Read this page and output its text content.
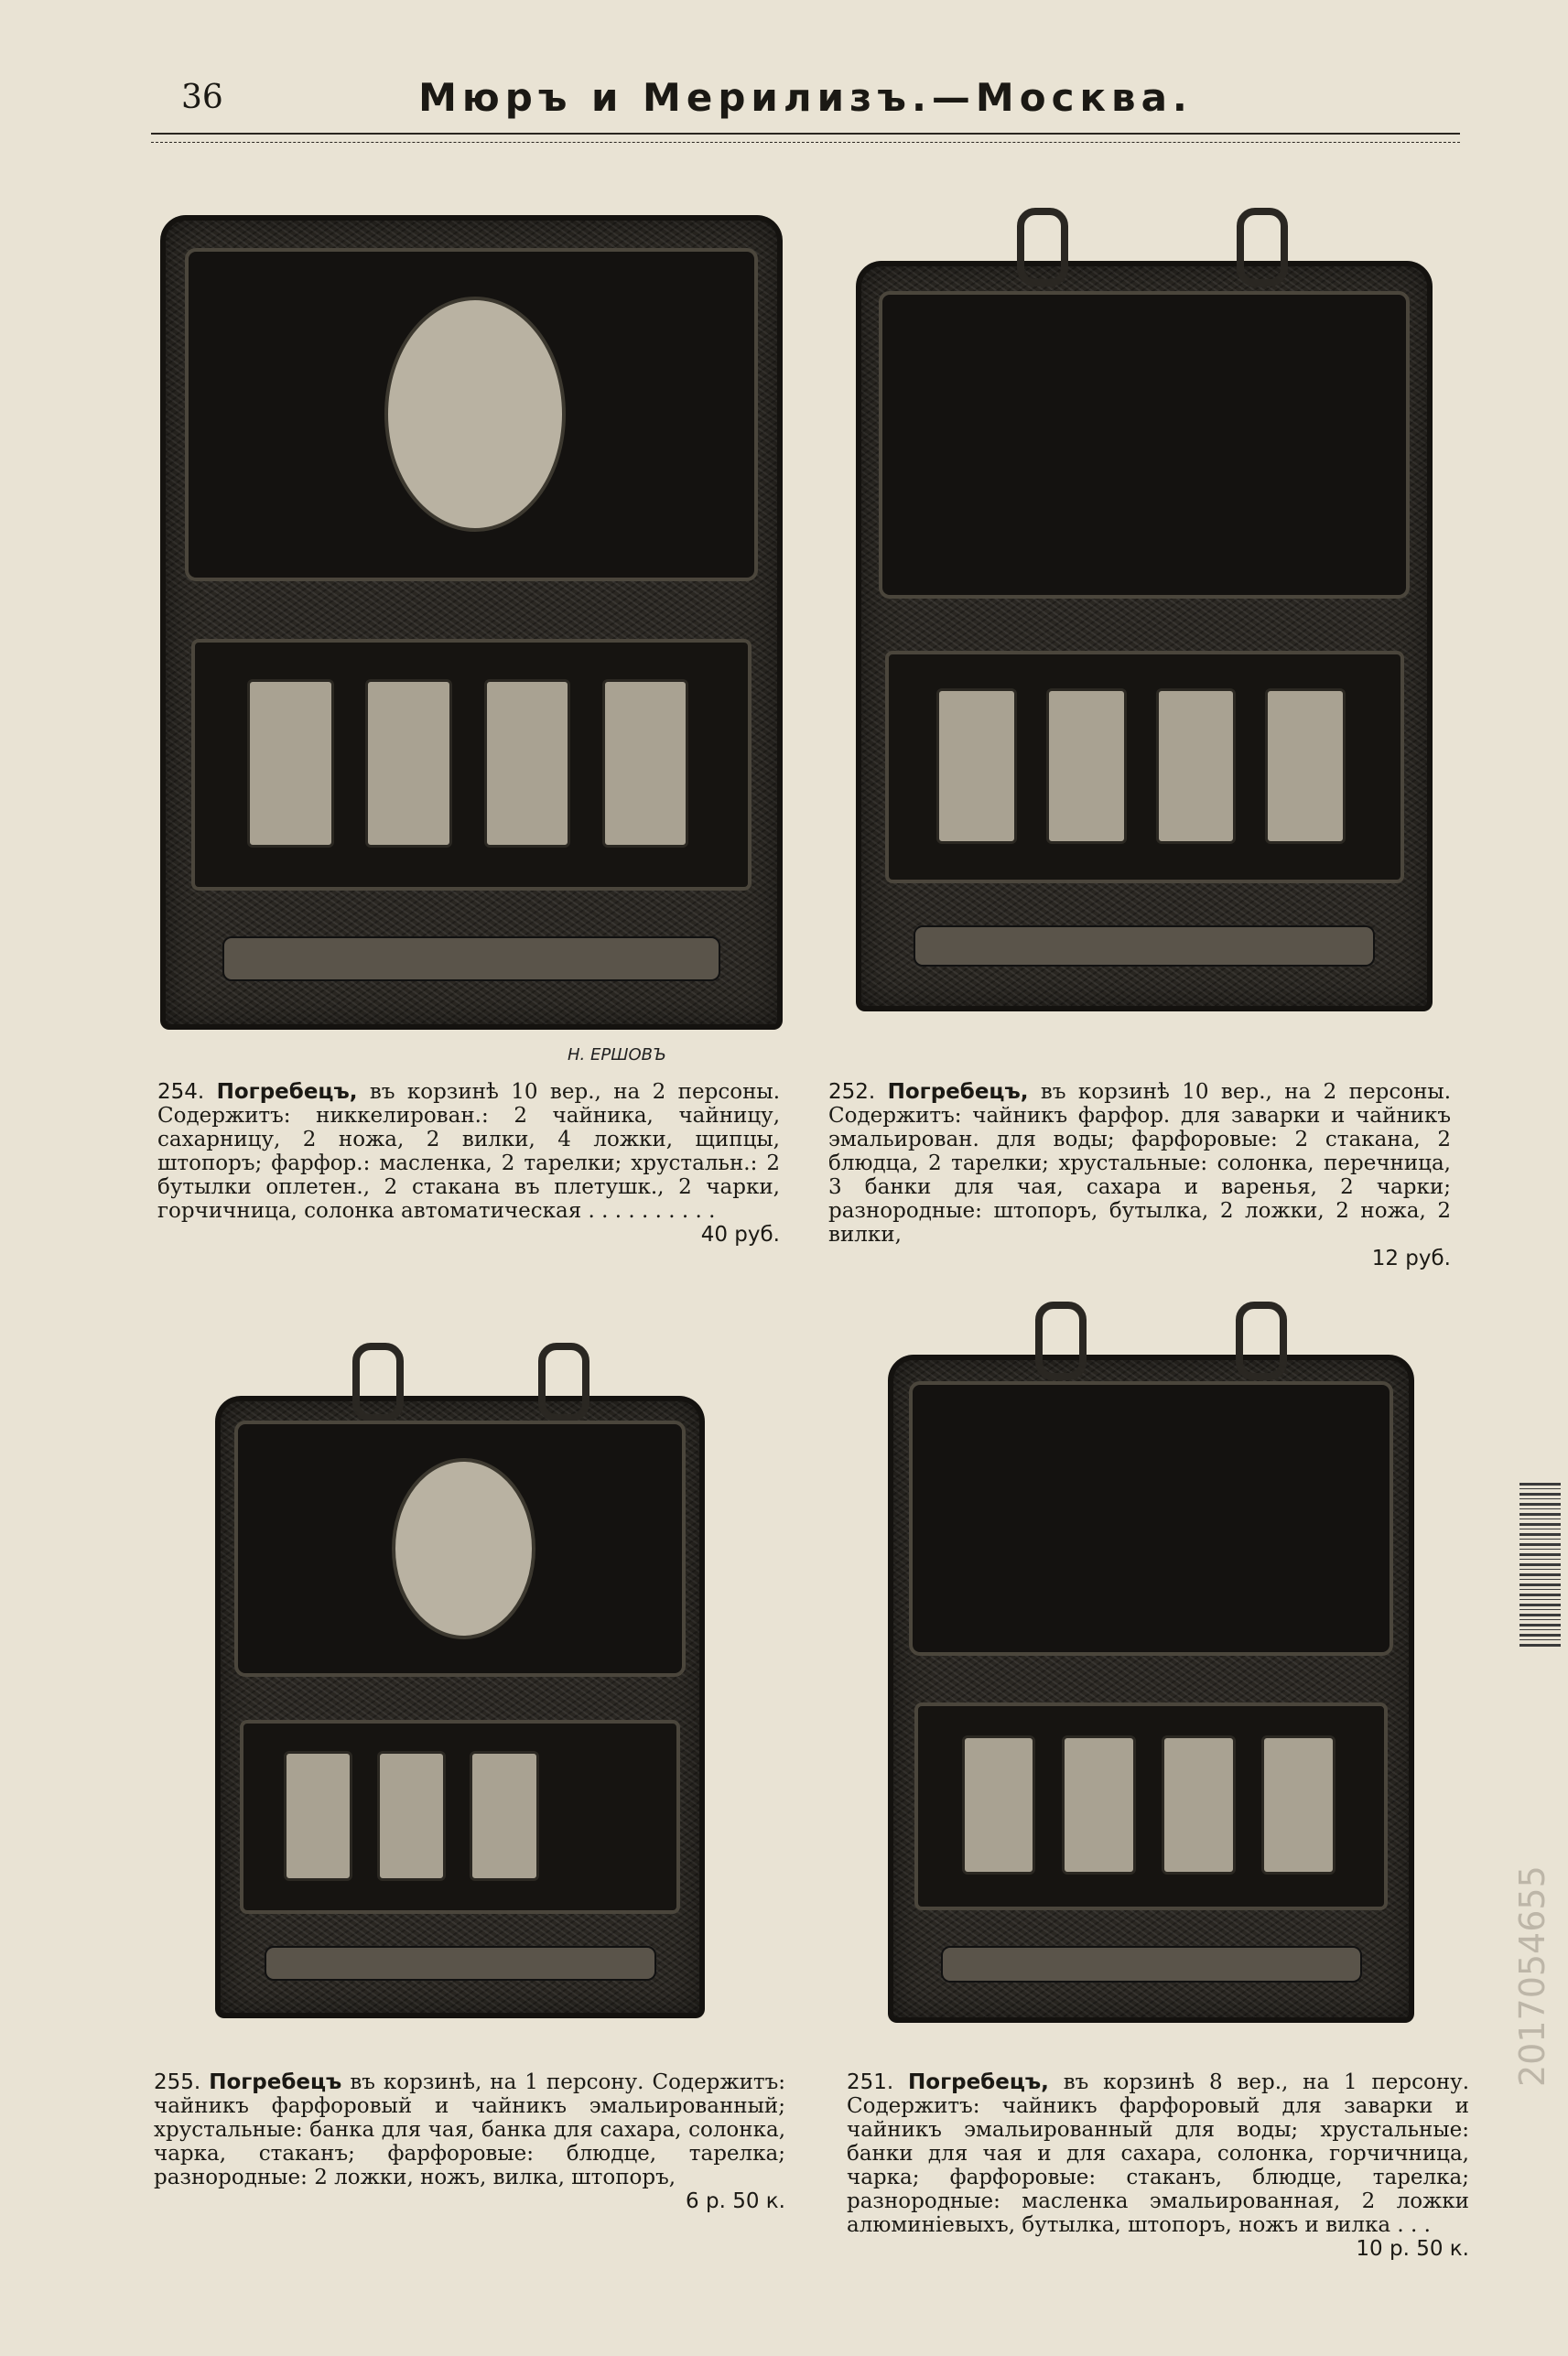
36	Мюръ и Мерилизъ.—Москва.
Н. ЕРШОВЪ
254. Погребецъ, въ корзинѣ 10 вер., на 2 персоны. Содержитъ: никкелирован.: 2 чайника, чайницу, сахарницу, 2 ножа, 2 вилки, 4 ложки, щипцы, штопоръ; фарфор.: масленка, 2 тарелки; хрустальн.: 2 бутылки оплетен., 2 стакана въ плетушк., 2 чарки, горчичница, солонка автоматическая . . . . . . . . . .
40 руб.
252. Погребецъ, въ корзинѣ 10 вер., на 2 персоны. Содержитъ: чайникъ фарфор. для заварки и чайникъ эмальирован. для воды; фарфоровые: 2 стакана, 2 блюдца, 2 тарелки; хрустальные: солонка, перечница, 3 банки для чая, сахара и варенья, 2 чарки; разнородные: штопоръ, бутылка, 2 ложки, 2 ножа, 2 вилки,
12 руб.
255. Погребецъ въ корзинѣ, на 1 персону. Содержитъ: чайникъ фарфоровый и чайникъ эмальированный; хрустальные: банка для чая, банка для сахара, солонка, чарка, стаканъ; фарфоровые: блюдце, тарелка; разнородные: 2 ложки, ножъ, вилка, штопоръ,
6 р. 50 к.
251. Погребецъ, въ корзинѣ 8 вер., на 1 персону. Содержитъ: чайникъ фарфоровый для заварки и чайникъ эмальированный для воды; хрустальные: банки для чая и для сахара, солонка, горчичница, чарка; фарфоровые: стаканъ, блюдце, тарелка; разнородные: масленка эмальированная, 2 ложки алюминіевыхъ, бутылка, штопоръ, ножъ и вилка . . .
10 р. 50 к.
2017054655
